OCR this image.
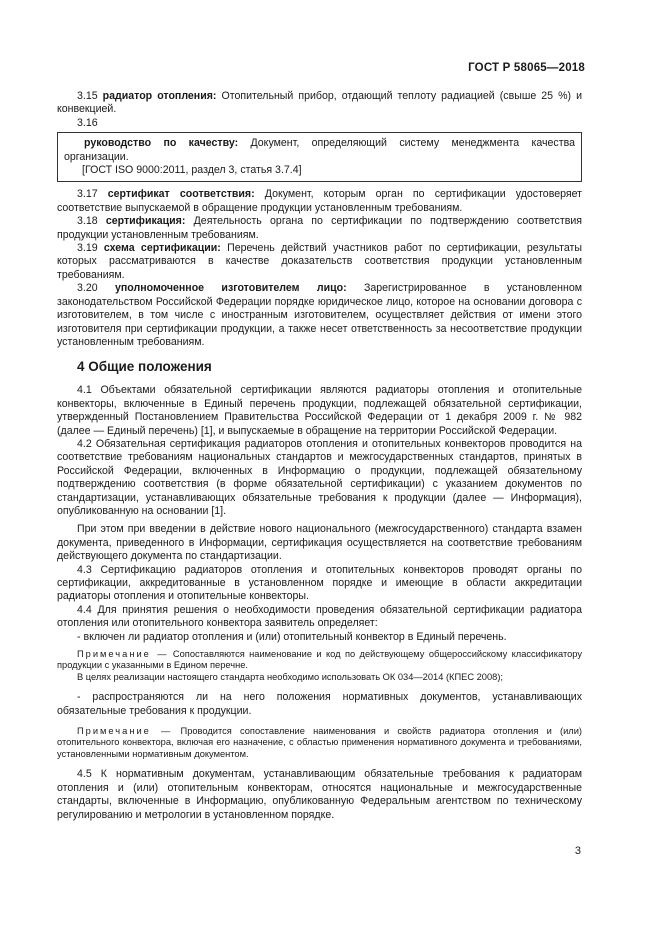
ГОСТ Р 58065—2018

3.15 радиатор отопления: Отопительный прибор, отдающий теплоту радиацией (свыше 25 %) и конвекцией.

3.16

руководство по качеству: Документ, определяющий систему менеджмента качества организации.

[ГОСТ ISO 9000:2011, раздел 3, статья 3.7.4]

3.17 сертификат соответствия: Документ, которым орган по сертификации удостоверяет соответствие выпускаемой в обращение продукции установленным требованиям.

3.18 сертификация: Деятельность органа по сертификации по подтверждению соответствия продукции установленным требованиям.

3.19 схема сертификации: Перечень действий участников работ по сертификации, результаты которых рассматриваются в качестве доказательств соответствия продукции установленным требованиям.

3.20 уполномоченное изготовителем лицо: Зарегистрированное в установленном законодательством Российской Федерации порядке юридическое лицо, которое на основании договора с изготовителем, в том числе с иностранным изготовителем, осуществляет действия от имени этого изготовителя при сертификации продукции, а также несет ответственность за несоответствие продукции установленным требованиям.

4 Общие положения

4.1 Объектами обязательной сертификации являются радиаторы отопления и отопительные конвекторы, включенные в Единый перечень продукции, подлежащей обязательной сертификации, утвержденный Постановлением Правительства Российской Федерации от 1 декабря 2009 г. № 982 (далее — Единый перечень) [1], и выпускаемые в обращение на территории Российской Федерации.

4.2 Обязательная сертификация радиаторов отопления и отопительных конвекторов проводится на соответствие требованиям национальных стандартов и межгосударственных стандартов, принятых в Российской Федерации, включенных в Информацию о продукции, подлежащей обязательному подтверждению соответствия (в форме обязательной сертификации) с указанием документов по стандартизации, устанавливающих обязательные требования к продукции (далее — Информация), опубликованную на основании [1].

При этом при введении в действие нового национального (межгосударственного) стандарта взамен документа, приведенного в Информации, сертификация осуществляется на соответствие требованиям действующего документа по стандартизации.

4.3 Сертификацию радиаторов отопления и отопительных конвекторов проводят органы по сертификации, аккредитованные в установленном порядке и имеющие в области аккредитации радиаторы отопления и отопительные конвекторы.

4.4 Для принятия решения о необходимости проведения обязательной сертификации радиатора отопления или отопительного конвектора заявитель определяет:

- включен ли радиатор отопления и (или) отопительный конвектор в Единый перечень.

Примечание — Сопоставляются наименование и код по действующему общероссийскому классификатору продукции с указанными в Едином перечне.

В целях реализации настоящего стандарта необходимо использовать ОК 034—2014 (КПЕС 2008);

- распространяются ли на него положения нормативных документов, устанавливающих обязательные требования к продукции.

Примечание — Проводится сопоставление наименования и свойств радиатора отопления и (или) отопительного конвектора, включая его назначение, с областью применения нормативного документа и требованиями, установленными нормативным документом.

4.5 К нормативным документам, устанавливающим обязательные требования к радиаторам отопления и (или) отопительным конвекторам, относятся национальные и межгосударственные стандарты, включенные в Информацию, опубликованную Федеральным агентством по техническому регулированию и метрологии в установленном порядке.

3
